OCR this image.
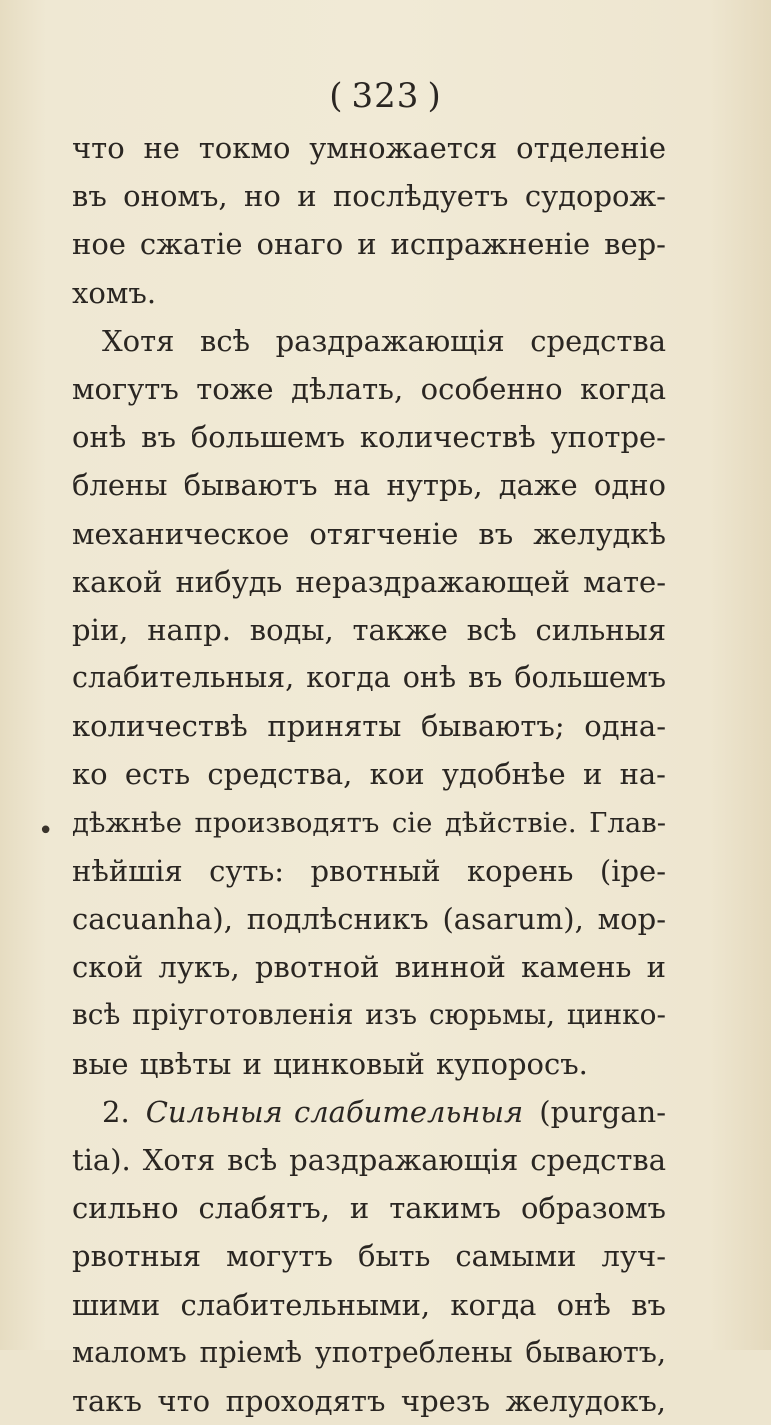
( 323 )
•
что не токмо умножается отделеніе
въ ономъ, но и послѣдуетъ судорож-
ное сжатіе онаго и испражненіе вер-
хомъ.
Хотя всѣ раздражающія средства
могутъ тоже дѣлать, особенно когда
онѣ въ большемъ количествѣ употре-
блены бываютъ на нутрь, даже одно
механическое отягченіе въ желудкѣ
какой нибудь нераздражающей мате-
ріи, напр. воды, также всѣ сильныя
слабительныя, когда онѣ въ большемъ
количествѣ приняты бываютъ; одна-
ко есть средства, кои удобнѣе и на-
дѣжнѣе производятъ сіе дѣйствіе. Глав-
нѣйшія суть: рвотный корень (ipe-
cacuanha), подлѣсникъ (asarum), мор-
ской лукъ, рвотной винной камень и
всѣ пріуготовленія изъ сюрьмы, цинко-
выe цвѣты и цинковый купоросъ.
2. Сильныя слабительныя (purgan-
tia). Хотя всѣ раздражающія средства
сильно слабятъ, и такимъ образомъ
рвотныя могутъ быть самыми луч-
шими слабительными, когда онѣ въ
маломъ пріемѣ употреблены бываютъ,
такъ что проходятъ чрезъ желудокъ,
